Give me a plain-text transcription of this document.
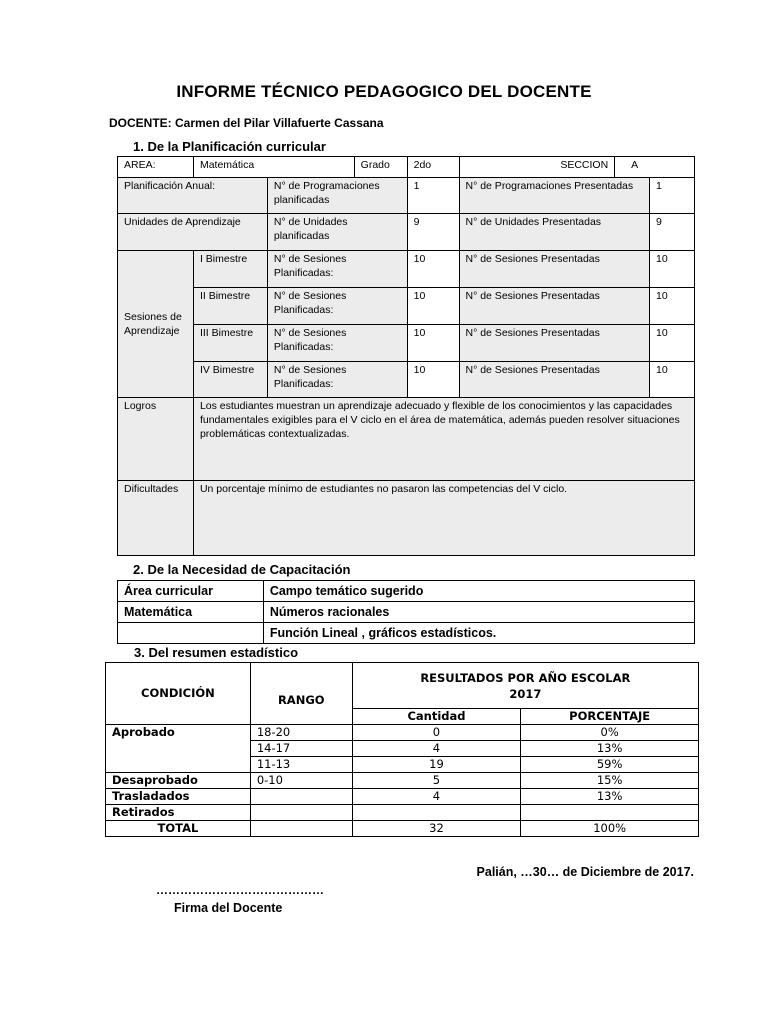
INFORME TÉCNICO PEDAGOGICO DEL DOCENTE
DOCENTE: Carmen del Pilar Villafuerte Cassana
1. De la Planificación curricular
AREA:	Matemática		Grado	2do	SECCION	A	
Planificación Anual:		N° de Programaciones planificadas		1	N° de Programaciones Presentadas		1
Unidades de Aprendizaje		N° de Unidades planificadas		9	N° de Unidades Presentadas		9
Sesiones de Aprendizaje	I Bimestre	N° de Sesiones Planificadas:		10	N° de Sesiones Presentadas		10
	II Bimestre	N° de Sesiones Planificadas:		10	N° de Sesiones Presentadas		10
	III Bimestre	N° de Sesiones Planificadas:		10	N° de Sesiones Presentadas		10
	IV Bimestre	N° de Sesiones Planificadas:		10	N° de Sesiones Presentadas		10
Logros	Los estudiantes muestran un aprendizaje adecuado y flexible de los conocimientos y las capacidades fundamentales exigibles para el V ciclo en el área de matemática, además pueden resolver situaciones problemáticas contextualizadas.						
Dificultades	Un porcentaje mínimo de estudiantes no pasaron las competencias del V ciclo.						
2. De la Necesidad de Capacitación
Área curricular	Campo temático sugerido
Matemática	Números racionales
	Función Lineal , gráficos estadísticos.
3. Del resumen estadístico
CONDICIÓN	RANGO	RESULTADOS POR AÑO ESCOLAR
2017	

		Cantidad	PORCENTAJE
Aprobado	18-20	0	0%
	14-17	4	13%
	11-13	19	59%
Desaprobado	0-10	5	15%
Trasladados		4	13%
Retirados			
TOTAL		32	100%
Palián, …30… de Diciembre de 2017.
……………………………………
Firma del Docente
